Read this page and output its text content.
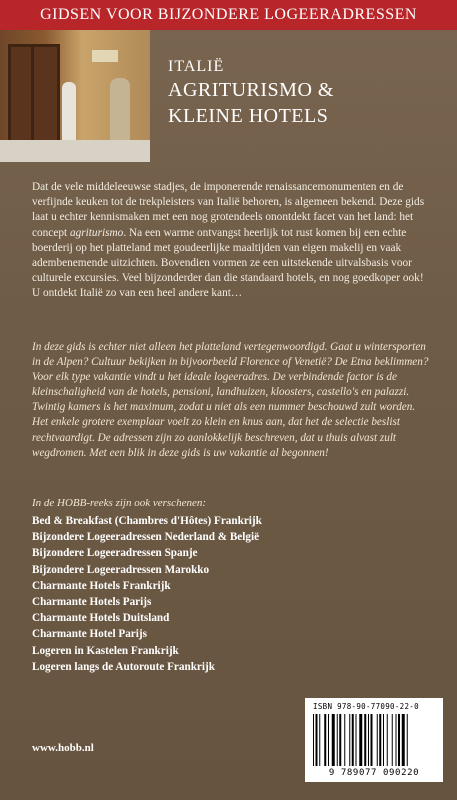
GIDSEN VOOR BIJZONDERE LOGEERADRESSEN
ITALIË
AGRITURISMO &
KLEINE HOTELS
Dat de vele middeleeuwse stadjes, de imponerende renaissancemonumenten en de verfijnde keuken tot de trekpleisters van Italië behoren, is algemeen bekend. Deze gids laat u echter kennismaken met een nog grotendeels onontdekt facet van het land: het concept agriturismo. Na een warme ontvangst heerlijk tot rust komen bij een echte boerderij op het platteland met goudeerlijke maaltijden van eigen makelij en vaak adembenemende uitzichten. Bovendien vormen ze een uitstekende uitvalsbasis voor culturele excursies. Veel bijzonderder dan die standaard hotels, en nog goedkoper ook! U ontdekt Italië zo van een heel andere kant…
In deze gids is echter niet alleen het platteland vertegenwoordigd. Gaat u wintersporten in de Alpen? Cultuur bekijken in bijvoorbeeld Florence of Venetië? De Etna beklimmen? Voor elk type vakantie vindt u het ideale logeeradres. De verbindende factor is de kleinschaligheid van de hotels, pensioni, landhuizen, kloosters, castello's en palazzi. Twintig kamers is het maximum, zodat u niet als een nummer beschouwd zult worden. Het enkele grotere exemplaar voelt zo klein en knus aan, dat het de selectie beslist rechtvaardigt. De adressen zijn zo aanlokkelijk beschreven, dat u thuis alvast zult wegdromen. Met een blik in deze gids is uw vakantie al begonnen!
In de HOBB-reeks zijn ook verschenen:
Bed & Breakfast (Chambres d'Hôtes) Frankrijk
Bijzondere Logeeradressen Nederland & België
Bijzondere Logeeradressen Spanje
Bijzondere Logeeradressen Marokko
Charmante Hotels Frankrijk
Charmante Hotels Parijs
Charmante Hotels Duitsland
Charmante Hotel Parijs
Logeren in Kastelen Frankrijk
Logeren langs de Autoroute Frankrijk
www.hobb.nl
ISBN 978-90-77090-22-0
9 789077 090220
